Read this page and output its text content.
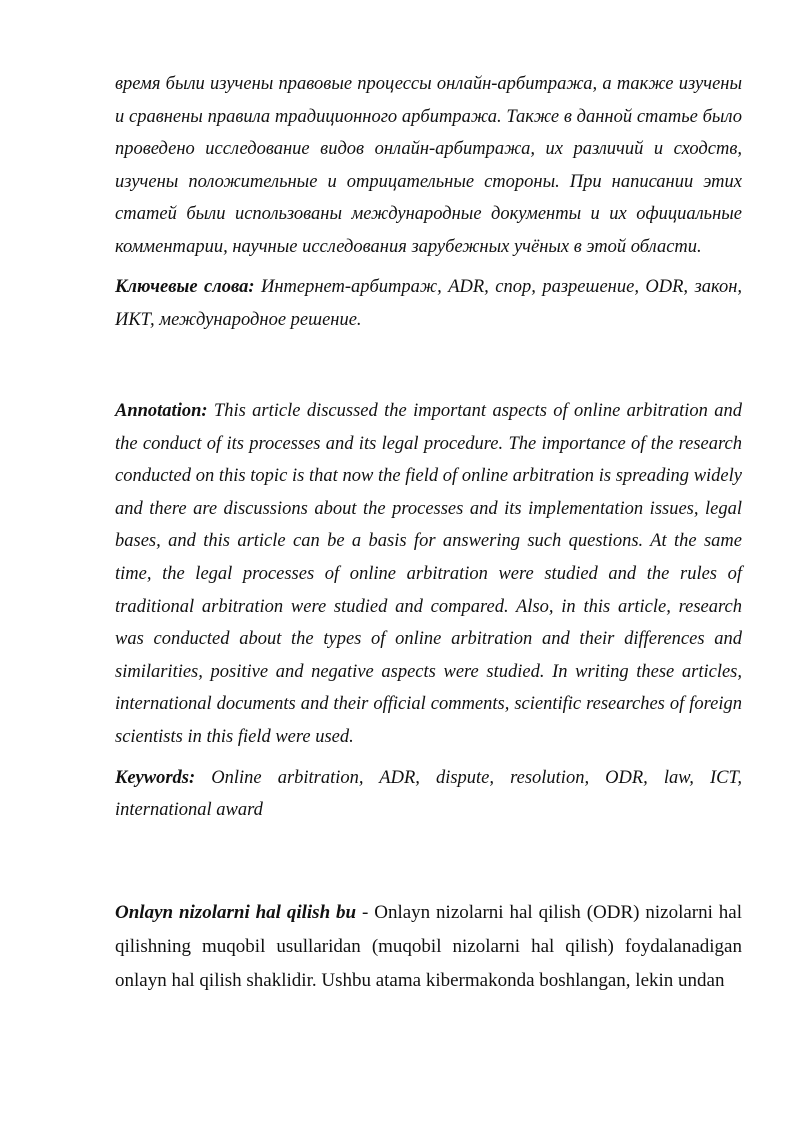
время были изучены правовые процессы онлайн-арбитража, а также изучены и сравнены правила традиционного арбитража. Также в данной статье было проведено исследование видов онлайн-арбитража, их различий и сходств, изучены положительные и отрицательные стороны. При написании этих статей были использованы международные документы и их официальные комментарии, научные исследования зарубежных учёных в этой области.

Ключевые слова: Интернет-арбитраж, ADR, спор, разрешение, ODR, закон, ИКТ, международное решение.

Annotation: This article discussed the important aspects of online arbitration and the conduct of its processes and its legal procedure. The importance of the research conducted on this topic is that now the field of online arbitration is spreading widely and there are discussions about the processes and its implementation issues, legal bases, and this article can be a basis for answering such questions. At the same time, the legal processes of online arbitration were studied and the rules of traditional arbitration were studied and compared. Also, in this article, research was conducted about the types of online arbitration and their differences and similarities, positive and negative aspects were studied. In writing these articles, international documents and their official comments, scientific researches of foreign scientists in this field were used.

Keywords: Online arbitration, ADR, dispute, resolution, ODR, law, ICT, international award

Onlayn nizolarni hal qilish bu - Onlayn nizolarni hal qilish (ODR) nizolarni hal qilishning muqobil usullaridan (muqobil nizolarni hal qilish) foydalanadigan onlayn hal qilish shaklidir. Ushbu atama kibermakonda boshlangan, lekin undan
